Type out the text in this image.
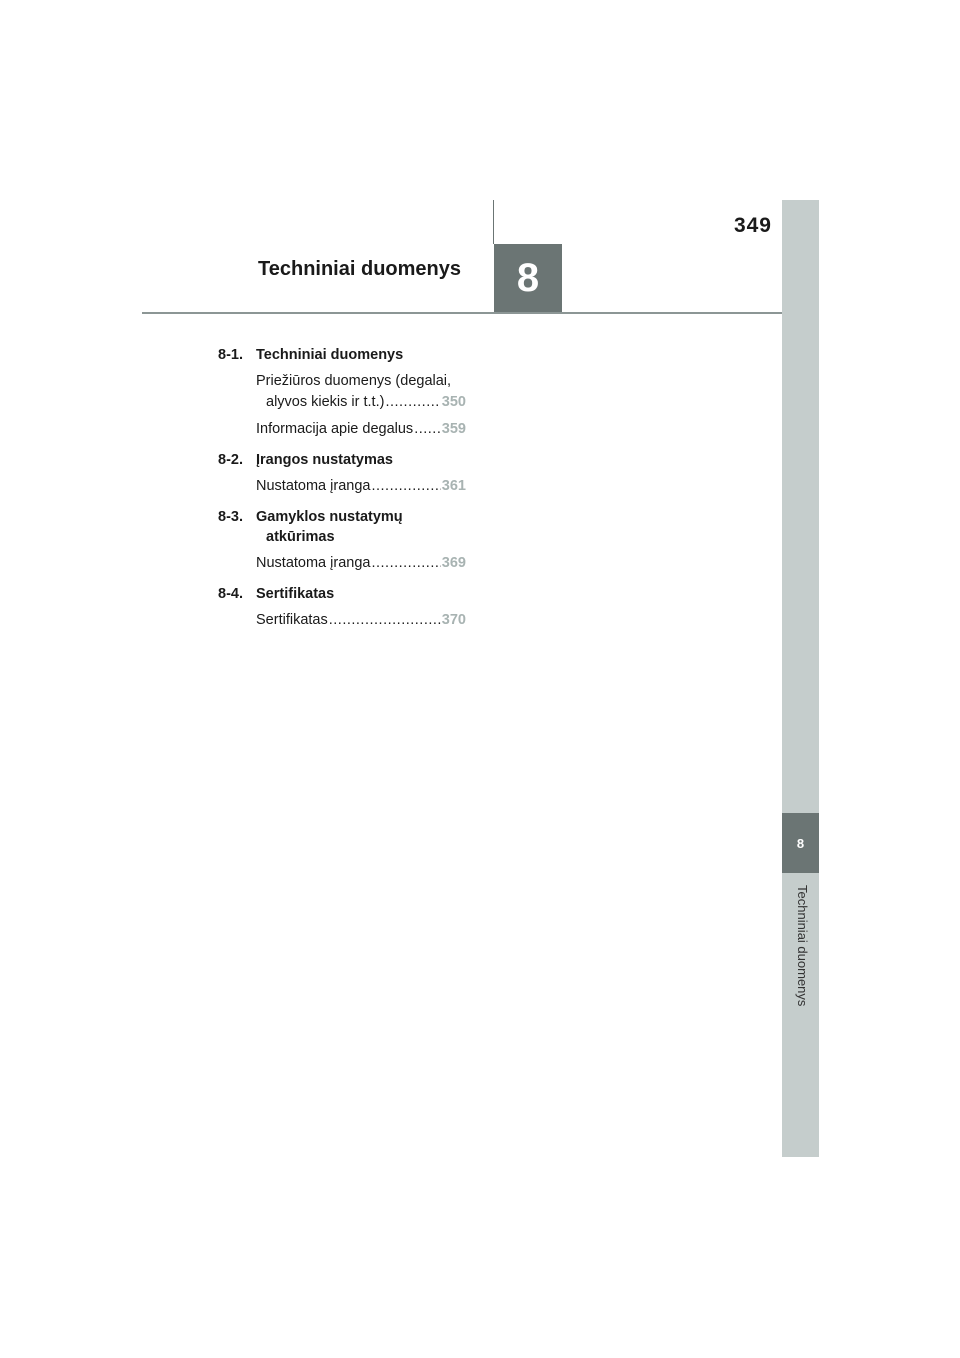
349
Techniniai duomenys	8
8
Techniniai duomenys
8-1. Techniniai duomenys
Priežiūros duomenys (degalai,
alyvos kiekis ir t.t.) .....	350
Informacija apie degalus ..... 359
8-2. Įrangos nustatymas
Nustatoma įranga .....	361
8-3. Gamyklos nustatymų
atkūrimas
Nustatoma įranga .....	369
8-4. Sertifikatas
Sertifikatas .....	370
